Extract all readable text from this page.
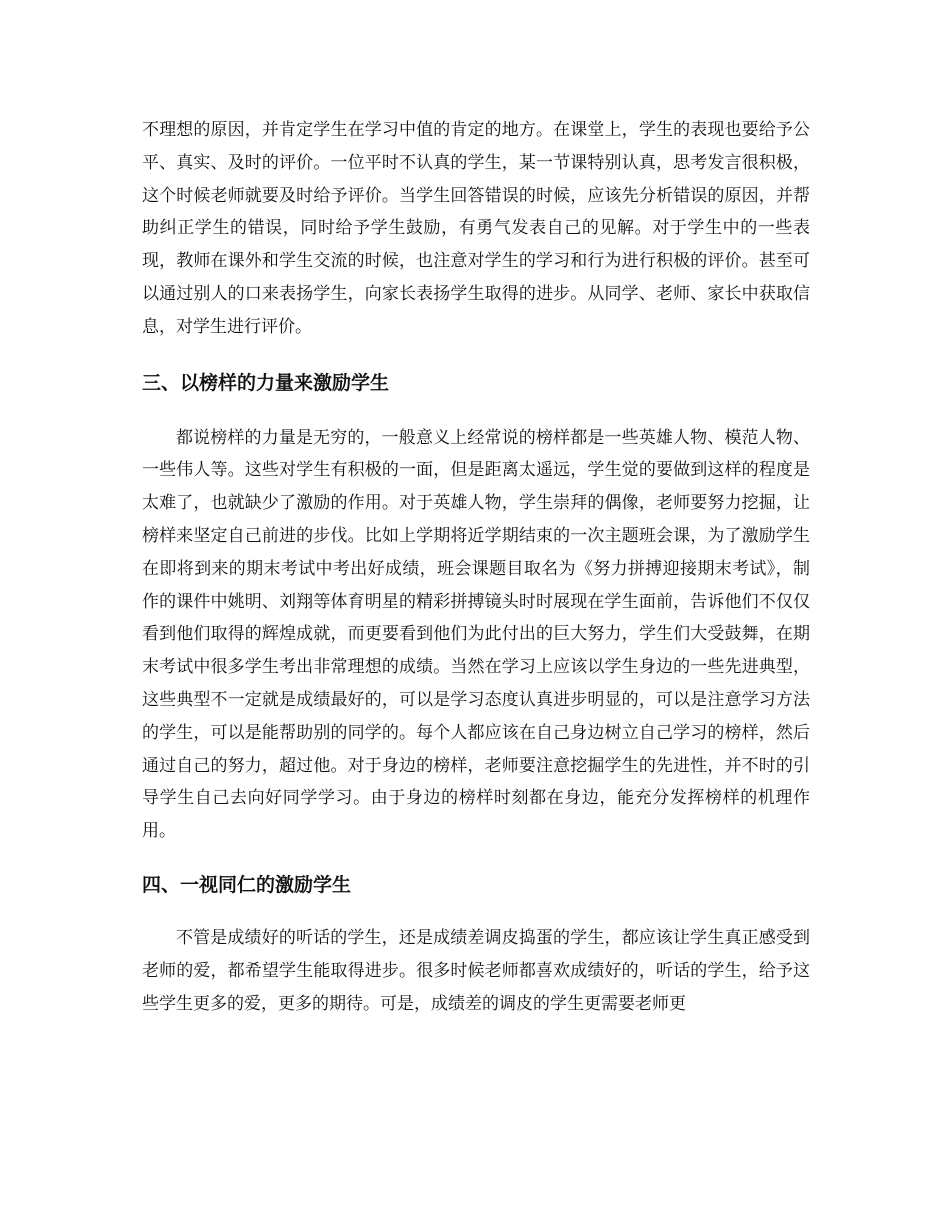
不理想的原因，并肯定学生在学习中值的肯定的地方。在课堂上，学生的表现也要给予公平、真实、及时的评价。一位平时不认真的学生，某一节课特别认真，思考发言很积极，这个时候老师就要及时给予评价。当学生回答错误的时候，应该先分析错误的原因，并帮助纠正学生的错误，同时给予学生鼓励，有勇气发表自己的见解。对于学生中的一些表现，教师在课外和学生交流的时候，也注意对学生的学习和行为进行积极的评价。甚至可以通过别人的口来表扬学生，向家长表扬学生取得的进步。从同学、老师、家长中获取信息，对学生进行评价。

三、以榜样的力量来激励学生

都说榜样的力量是无穷的，一般意义上经常说的榜样都是一些英雄人物、模范人物、一些伟人等。这些对学生有积极的一面，但是距离太遥远，学生觉的要做到这样的程度是太难了，也就缺少了激励的作用。对于英雄人物，学生崇拜的偶像，老师要努力挖掘，让榜样来坚定自己前进的步伐。比如上学期将近学期结束的一次主题班会课，为了激励学生在即将到来的期末考试中考出好成绩，班会课题目取名为《努力拼搏迎接期末考试》，制作的课件中姚明、刘翔等体育明星的精彩拼搏镜头时时展现在学生面前，告诉他们不仅仅看到他们取得的辉煌成就，而更要看到他们为此付出的巨大努力，学生们大受鼓舞，在期末考试中很多学生考出非常理想的成绩。当然在学习上应该以学生身边的一些先进典型，这些典型不一定就是成绩最好的，可以是学习态度认真进步明显的，可以是注意学习方法的学生，可以是能帮助别的同学的。每个人都应该在自己身边树立自己学习的榜样，然后通过自己的努力，超过他。对于身边的榜样，老师要注意挖掘学生的先进性，并不时的引导学生自己去向好同学学习。由于身边的榜样时刻都在身边，能充分发挥榜样的机理作用。

四、一视同仁的激励学生

不管是成绩好的听话的学生，还是成绩差调皮捣蛋的学生，都应该让学生真正感受到老师的爱，都希望学生能取得进步。很多时候老师都喜欢成绩好的，听话的学生，给予这些学生更多的爱，更多的期待。可是，成绩差的调皮的学生更需要老师更
